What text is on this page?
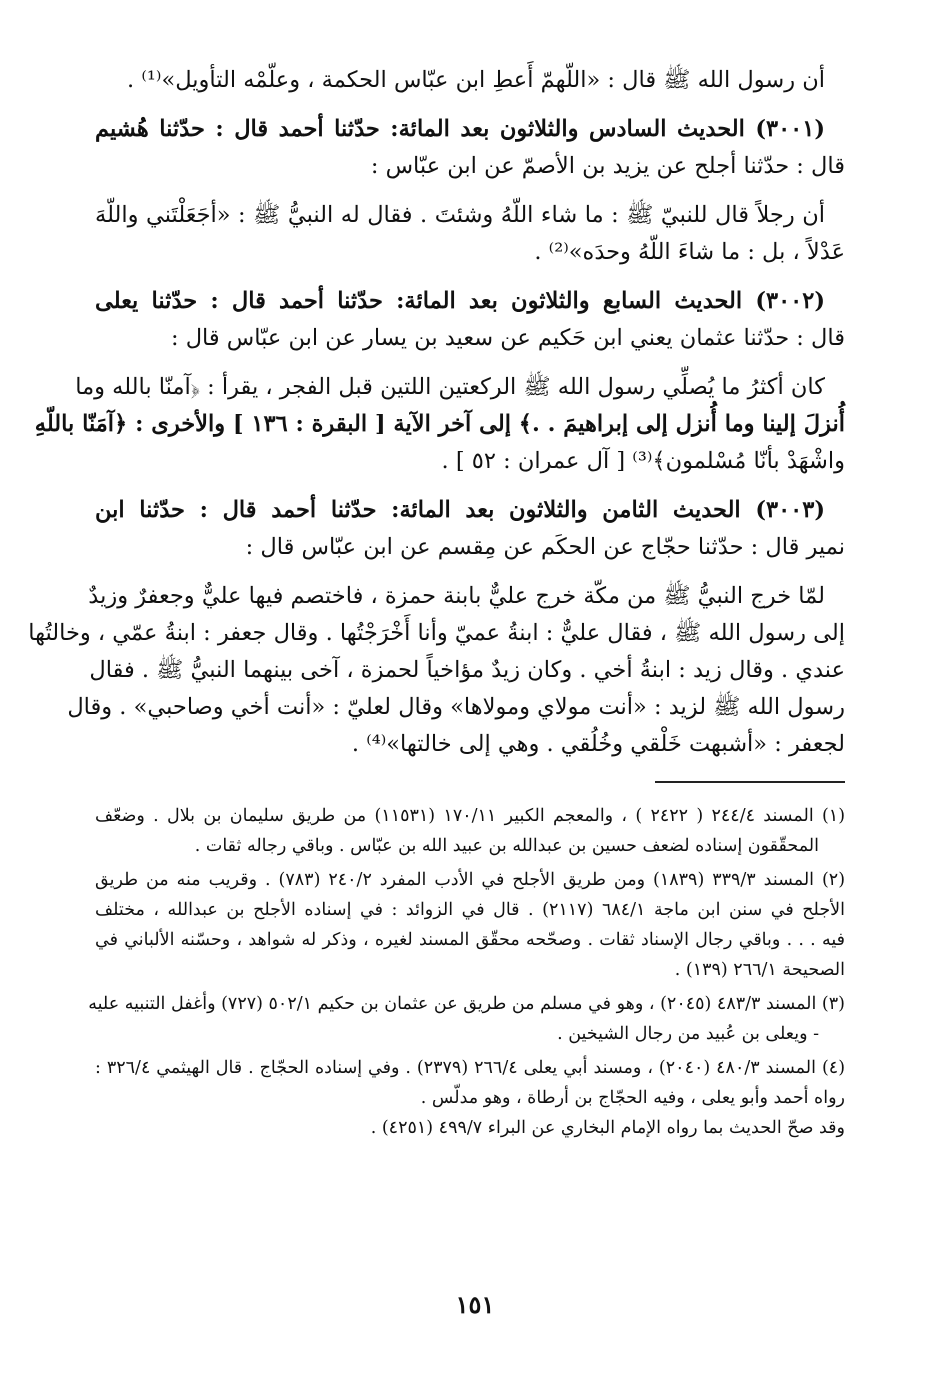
أن رسول الله ﷺ قال : «اللّهمّ أَعطِ ابن عبّاس الحكمة ، وعلّمْه التأويل»⁽¹⁾ .
(٣٠٠١) الحديث السادس والثلاثون بعد المائة: حدّثنا أحمد قال : حدّثنا هُشيم
قال : حدّثنا أجلح عن يزيد بن الأصمّ عن ابن عبّاس :
أن رجلاً قال للنبيّ ﷺ : ما شاء اللّهُ وشئتَ . فقال له النبيُّ ﷺ : «أجَعَلْتَني واللّهَ
عَدْلاً ، بل : ما شاءَ اللّهُ وحدَه»⁽²⁾ .
(٣٠٠٢) الحديث السابع والثلاثون بعد المائة: حدّثنا أحمد قال : حدّثنا يعلى
قال : حدّثنا عثمان يعني ابن حَكيم عن سعيد بن يسار عن ابن عبّاس قال :
كان أكثرُ ما يُصلِّي رسول الله ﷺ الركعتين اللتين قبل الفجر ، يقرأ : ﴿آمنّا بالله وما
أُنزلَ إلينا وما أُنزل إلى إبراهيمَ . .﴾ إلى آخر الآية [ البقرة : ١٣٦ ] والأخرى : ﴿آمَنّا باللّهِ
واشْهَدْ بأنّا مُسْلمون﴾⁽³⁾ [ آل عمران : ٥٢ ] .
(٣٠٠٣) الحديث الثامن والثلاثون بعد المائة: حدّثنا أحمد قال : حدّثنا ابن
نمير قال : حدّثنا حجّاج عن الحكَم عن مِقسم عن ابن عبّاس قال :
لمّا خرج النبيُّ ﷺ من مكّة خرج عليٌّ بابنة حمزة ، فاختصم فيها عليٌّ وجعفرٌ وزيدٌ
إلى رسول الله ﷺ ، فقال عليٌّ : ابنةُ عميّ وأنا أَخْرَجْتُها . وقال جعفر : ابنةُ عمّي ، وخالتُها
عندي . وقال زيد : ابنةُ أخي . وكان زيدٌ مؤاخياً لحمزة ، آخى بينهما النبيُّ ﷺ . فقال
رسول الله ﷺ لزيد : «أنت مولاي ومولاها» وقال لعليّ : «أنت أخي وصاحبي» . وقال
لجعفر : «أشبهت خَلْقي وخُلُقي . وهي إلى خالتها»⁽⁴⁾ .
(١) المسند ٢٤٤/٤ ( ٢٤٢٢ ) ، والمعجم الكبير ١٧٠/١١ (١١٥٣١) من طريق سليمان بن بلال . وضعّف
المحقّقون إسناده لضعف حسين بن عبدالله بن عبيد الله بن عبّاس . وباقي رجاله ثقات .
(٢) المسند ٣٣٩/٣ (١٨٣٩) ومن طريق الأجلح في الأدب المفرد ٢٤٠/٢ (٧٨٣) . وقريب منه من طريق
الأجلح في سنن ابن ماجة ٦٨٤/١ (٢١١٧) . قال في الزوائد : في إسناده الأجلح بن عبدالله ، مختلف
فيه . . . وباقي رجال الإسناد ثقات . وصحّحه محقّق المسند لغيره ، وذكر له شواهد ، وحسّنه الألباني في
الصحيحة ٢٦٦/١ (١٣٩) .
(٣) المسند ٤٨٣/٣ (٢٠٤٥) ، وهو في مسلم من طريق عن عثمان بن حكيم ٥٠٢/١ (٧٢٧) وأغفل التنبيه عليه
- ويعلى بن عُبيد من رجال الشيخين .
(٤) المسند ٤٨٠/٣ (٢٠٤٠) ، ومسند أبي يعلى ٢٦٦/٤ (٢٣٧٩) . وفي إسناده الحجّاج . قال الهيثمي ٣٢٦/٤ :
رواه أحمد وأبو يعلى ، وفيه الحجّاج بن أرطاة ، وهو مدلّس .
وقد صحّ الحديث بما رواه الإمام البخاري عن البراء ٤٩٩/٧ (٤٢٥١) .
١٥١
